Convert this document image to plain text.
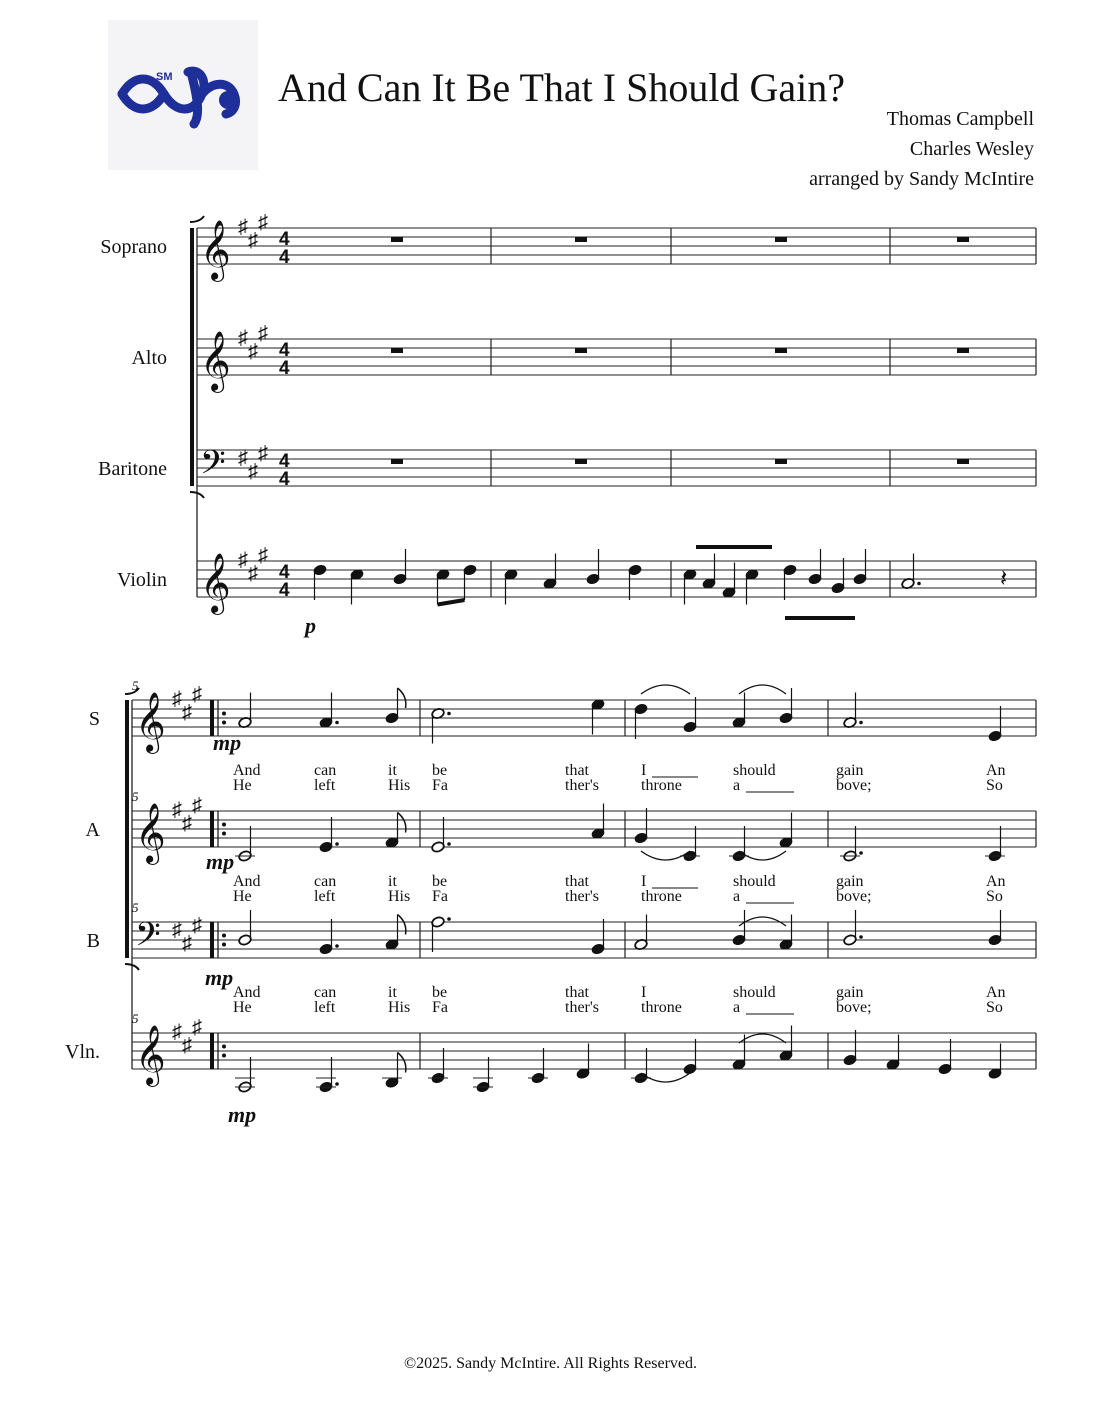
SM	And Can It Be That I Should Gain?
Thomas Campbell
Charles Wesley
arranged by Sandy McIntire
𝄞 ♯
♯
♯
4
4
Soprano
𝄞 ♯
♯
♯
4
4
Alto
𝄢 ♯
♯
♯ 4
4
Baritone
𝄞 ♯
♯
♯
4
4
Violin	𝄽
p
𝄞 ♯
♯
♯
S
5
𝄞 ♯
♯
♯
A
5
𝄢 ♯
♯
♯
B
5
𝄞 ♯
♯
♯
Vln.
5
mp
mp
mp
mp
And	can	it be	that	I	should	gain	An
He	left	His Fa	ther's	throne	a	bove;	So
And	can	it be	that	I	should	gain	An
He	left	His Fa	ther's	throne	a	bove;	So
And	can	it be	that	I	should	gain	An
He	left	His Fa	ther's	throne	a	bove;	So
©2025. Sandy McIntire. All Rights Reserved.
